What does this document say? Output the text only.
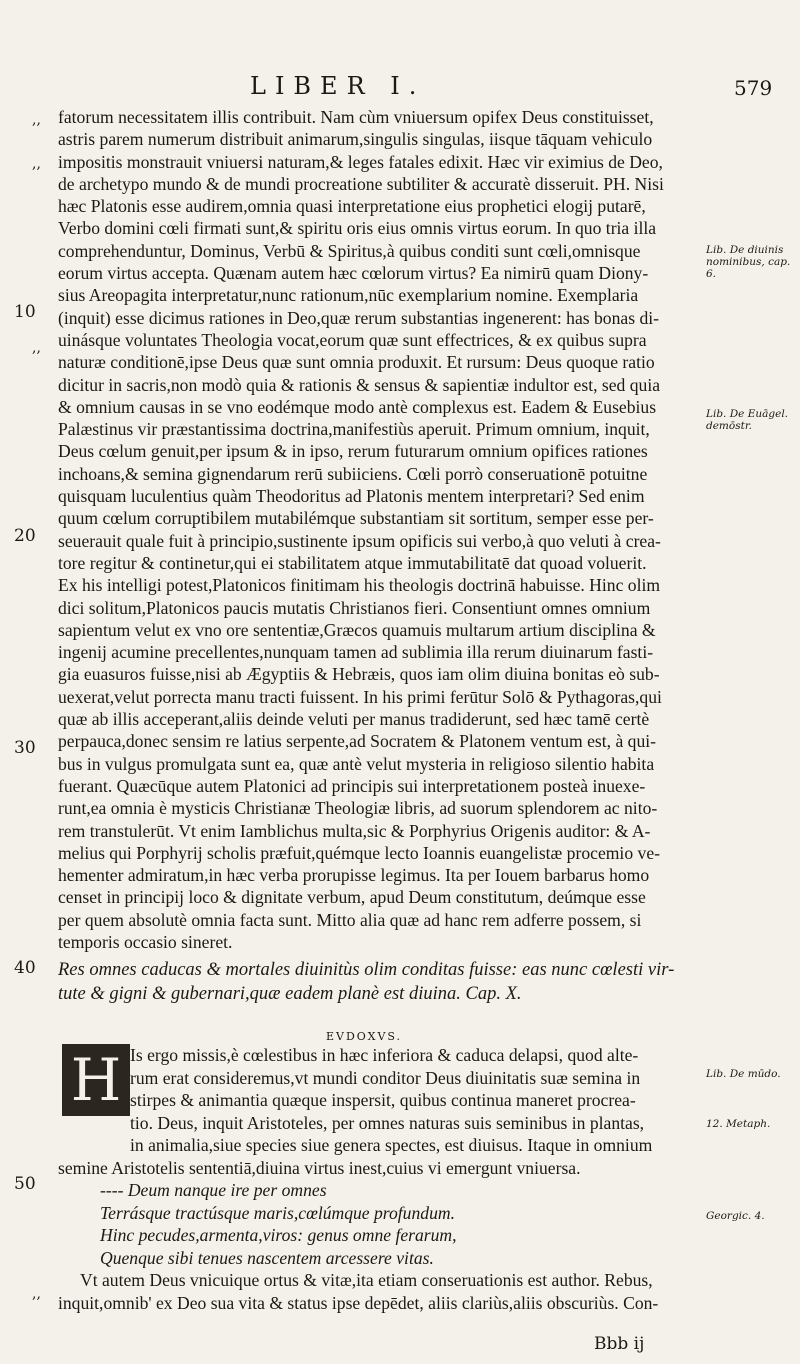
LIBER I.	579
,,
,,
10
,,
20
30
40
50
,,
fatorum necessitatem illis contribuit. Nam cùm vniuersum opifex Deus constituisset,
astris parem numerum distribuit animarum,singulis singulas, iisque tāquam vehiculo
impositis monstrauit vniuersi naturam,& leges fatales edixit. Hæc vir eximius de Deo,
de archetypo mundo & de mundi procreatione subtiliter & accuratè disseruit. PH. Nisi
hæc Platonis esse audirem,omnia quasi interpretatione eius prophetici elogij putarē,
Verbo domini cœli firmati sunt,& spiritu oris eius omnis virtus eorum. In quo tria illa
comprehenduntur, Dominus, Verbū & Spiritus,à quibus conditi sunt cœli,omnisque
eorum virtus accepta. Quænam autem hæc cœlorum virtus? Ea nimirū quam Diony-
sius Areopagita interpretatur,nunc rationum,nūc exemplarium nomine. Exemplaria
(inquit) esse dicimus rationes in Deo,quæ rerum substantias ingenerent: has bonas di-
uinásque voluntates Theologia vocat,eorum quæ sunt effectrices, & ex quibus supra
naturæ conditionē,ipse Deus quæ sunt omnia produxit. Et rursum: Deus quoque ratio
dicitur in sacris,non modò quia & rationis & sensus & sapientiæ indultor est, sed quia
& omnium causas in se vno eodémque modo antè complexus est. Eadem & Eusebius
Palæstinus vir præstantissima doctrina,manifestiùs aperuit. Primum omnium, inquit,
Deus cœlum genuit,per ipsum & in ipso, rerum futurarum omnium opifices rationes
inchoans,& semina gignendarum rerū subiiciens. Cœli porrò conseruationē potuitne
quisquam luculentius quàm Theodoritus ad Platonis mentem interpretari? Sed enim
quum cœlum corruptibilem mutabilémque substantiam sit sortitum, semper esse per-
seuerauit quale fuit à principio,sustinente ipsum opificis sui verbo,à quo veluti à crea-
tore regitur & continetur,qui ei stabilitatem atque immutabilitatē dat quoad voluerit.
Ex his intelligi potest,Platonicos finitimam his theologis doctrinā habuisse. Hinc olim
dici solitum,Platonicos paucis mutatis Christianos fieri. Consentiunt omnes omnium
sapientum velut ex vno ore sententiæ,Græcos quamuis multarum artium disciplina &
ingenij acumine precellentes,nunquam tamen ad sublimia illa rerum diuinarum fasti-
gia euasuros fuisse,nisi ab Ægyptiis & Hebræis, quos iam olim diuina bonitas eò sub-
uexerat,velut porrecta manu tracti fuissent. In his primi ferūtur Solō & Pythagoras,qui
quæ ab illis acceperant,aliis deinde veluti per manus tradiderunt, sed hæc tamē certè
perpauca,donec sensim re latius serpente,ad Socratem & Platonem ventum est, à qui-
bus in vulgus promulgata sunt ea, quæ antè velut mysteria in religioso silentio habita
fuerant. Quæcūque autem Platonici ad principis sui interpretationem posteà inuexe-
runt,ea omnia è mysticis Christianæ Theologiæ libris, ad suorum splendorem ac nito-
rem transtulerūt. Vt enim Iamblichus multa,sic & Porphyrius Origenis auditor: & A-
melius qui Porphyrij scholis præfuit,quémque lecto Ioannis euangelistæ procemio ve-
hementer admiratum,in hæc verba prorupisse legimus. Ita per Iouem barbarus homo
censet in principij loco & dignitate verbum, apud Deum constitutum, deúmque esse
per quem absolutè omnia facta sunt. Mitto alia quæ ad hanc rem adferre possem, si
temporis occasio sineret.
Lib. De diuinis nominibus, cap. 6.
Lib. De Euāgel. demōstr.
Lib. De mūdo.
12. Metaph.
Georgic. 4.
Res omnes caducas & mortales diuinitùs olim conditas fuisse: eas nunc cœlesti vir-
tute & gigni & gubernari,quæ eadem planè est diuina. Cap. X.
EVDOXVS.
Is ergo missis,è cœlestibus in hæc inferiora & caduca delapsi, quod alte-
rum erat consideremus,vt mundi conditor Deus diuinitatis suæ semina in
stirpes & animantia quæque inspersit, quibus continua maneret procrea-
tio. Deus, inquit Aristoteles, per omnes naturas suis seminibus in plantas,
in animalia,siue species siue genera spectes, est diuisus. Itaque in omnium
semine Aristotelis sententiā,diuina virtus inest,cuius vi emergunt vniuersa.
---- Deum nanque ire per omnes
Terrásque tractúsque maris,cœlúmque profundum.
Hinc pecudes,armenta,viros: genus omne ferarum,
Quenque sibi tenues nascentem arcessere vitas.
Vt autem Deus vnicuique ortus & vitæ,ita etiam conseruationis est author. Rebus,
inquit,omnib' ex Deo sua vita & status ipse depēdet, aliis clariùs,aliis obscuriùs. Con-
H
Bbb ij
